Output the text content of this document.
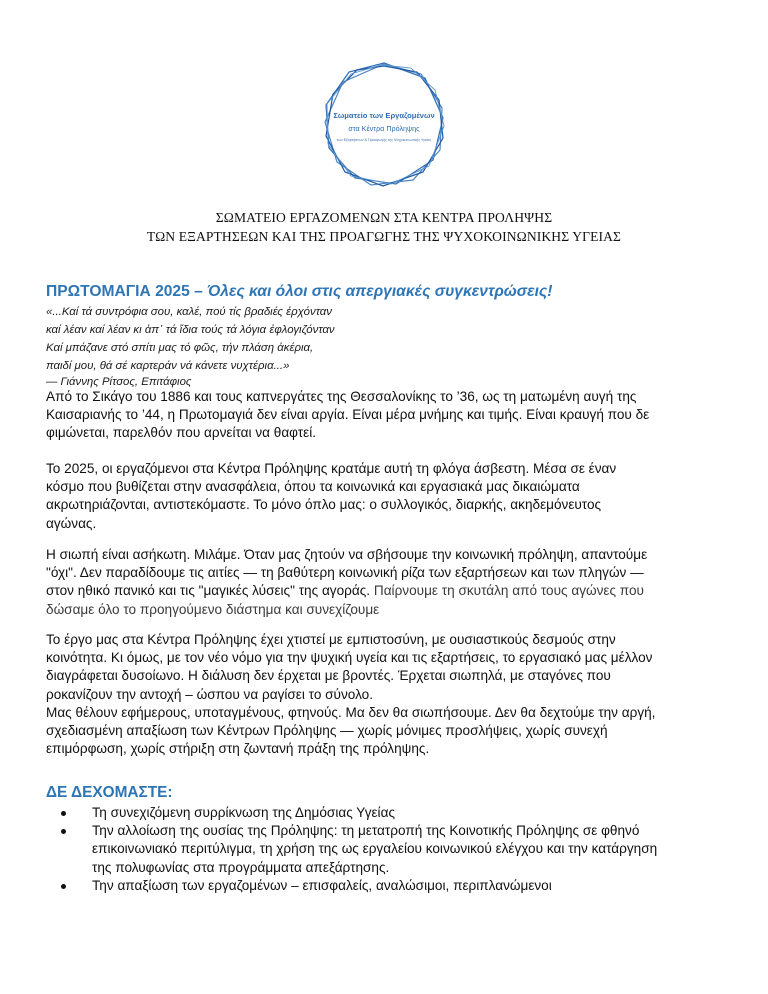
Σωματείο των Εργαζομένων
στα Κέντρα Πρόληψης
των Εξαρτήσεων & Προαγωγής της Ψυχοκοινωνικής Υγείας
ΣΩΜΑΤΕΙΟ ΕΡΓΑΖΟΜΕΝΩΝ ΣΤΑ ΚΕΝΤΡΑ ΠΡΟΛΗΨΗΣ
ΤΩΝ ΕΞΑΡΤΗΣΕΩΝ ΚΑΙ ΤΗΣ ΠΡΟΑΓΩΓΗΣ ΤΗΣ ΨΥΧΟΚΟΙΝΩΝΙΚΗΣ ΥΓΕΙΑΣ
ΠΡΩΤΟΜΑΓΙΑ 2025 – Όλες και όλοι στις απεργιακές συγκεντρώσεις!
«...Καί τά συντρόφια σου, καλέ, πού τίς βραδιές ἐρχόνταν
καί λέαν καί λέαν κι ἀπ᾽ τά ἴδια τούς τά λόγια ἐφλογιζόνταν
Καί μπάζανε στό σπίτι μας τό φῶς, τήν πλάση ἀκέρια,
παιδί μου, θά σέ καρτεράν νά κάνετε νυχτέρια...»
— Γιάννης Ρίτσος, Επιτάφιος
Από το Σικάγο του 1886 και τους καπνεργάτες της Θεσσαλονίκης το ’36, ως τη ματωμένη αυγή της
Καισαριανής το ’44, η Πρωτομαγιά δεν είναι αργία. Είναι μέρα μνήμης και τιμής. Είναι κραυγή που δε
φιμώνεται, παρελθόν που αρνείται να θαφτεί.
Το 2025, οι εργαζόμενοι στα Κέντρα Πρόληψης κρατάμε αυτή τη φλόγα άσβεστη. Μέσα σε έναν
κόσμο που βυθίζεται στην ανασφάλεια, όπου τα κοινωνικά και εργασιακά μας δικαιώματα
ακρωτηριάζονται, αντιστεκόμαστε. Το μόνο όπλο μας: ο συλλογικός, διαρκής, ακηδεμόνευτος
αγώνας.
Η σιωπή είναι ασήκωτη. Μιλάμε. Όταν μας ζητούν να σβήσουμε την κοινωνική πρόληψη, απαντούμε
"όχι". Δεν παραδίδουμε τις αιτίες — τη βαθύτερη κοινωνική ρίζα των εξαρτήσεων και των πληγών —
στον ηθικό πανικό και τις "μαγικές λύσεις" της αγοράς. Παίρνουμε τη σκυτάλη από τους αγώνες που
δώσαμε όλο το προηγούμενο διάστημα και συνεχίζουμε
Το έργο μας στα Κέντρα Πρόληψης έχει χτιστεί με εμπιστοσύνη, με ουσιαστικούς δεσμούς στην
κοινότητα. Κι όμως, με τον νέο νόμο για την ψυχική υγεία και τις εξαρτήσεις, το εργασιακό μας μέλλον
διαγράφεται δυσοίωνο. Η διάλυση δεν έρχεται με βροντές. Έρχεται σιωπηλά, με σταγόνες που
ροκανίζουν την αντοχή – ώσπου να ραγίσει το σύνολο.
Μας θέλουν εφήμερους, υποταγμένους, φτηνούς. Μα δεν θα σιωπήσουμε. Δεν θα δεχτούμε την αργή,
σχεδιασμένη απαξίωση των Κέντρων Πρόληψης — χωρίς μόνιμες προσλήψεις, χωρίς συνεχή
επιμόρφωση, χωρίς στήριξη στη ζωντανή πράξη της πρόληψης.
ΔΕ ΔΕΧΟΜΑΣΤΕ:
Τη συνεχιζόμενη συρρίκνωση της Δημόσιας Υγείας
Την αλλοίωση της ουσίας της Πρόληψης: τη μετατροπή της Κοινοτικής Πρόληψης σε φθηνό
επικοινωνιακό περιτύλιγμα, τη χρήση της ως εργαλείου κοινωνικού ελέγχου και την κατάργηση
της πολυφωνίας στα προγράμματα απεξάρτησης.
Την απαξίωση των εργαζομένων – επισφαλείς, αναλώσιμοι, περιπλανώμενοι
